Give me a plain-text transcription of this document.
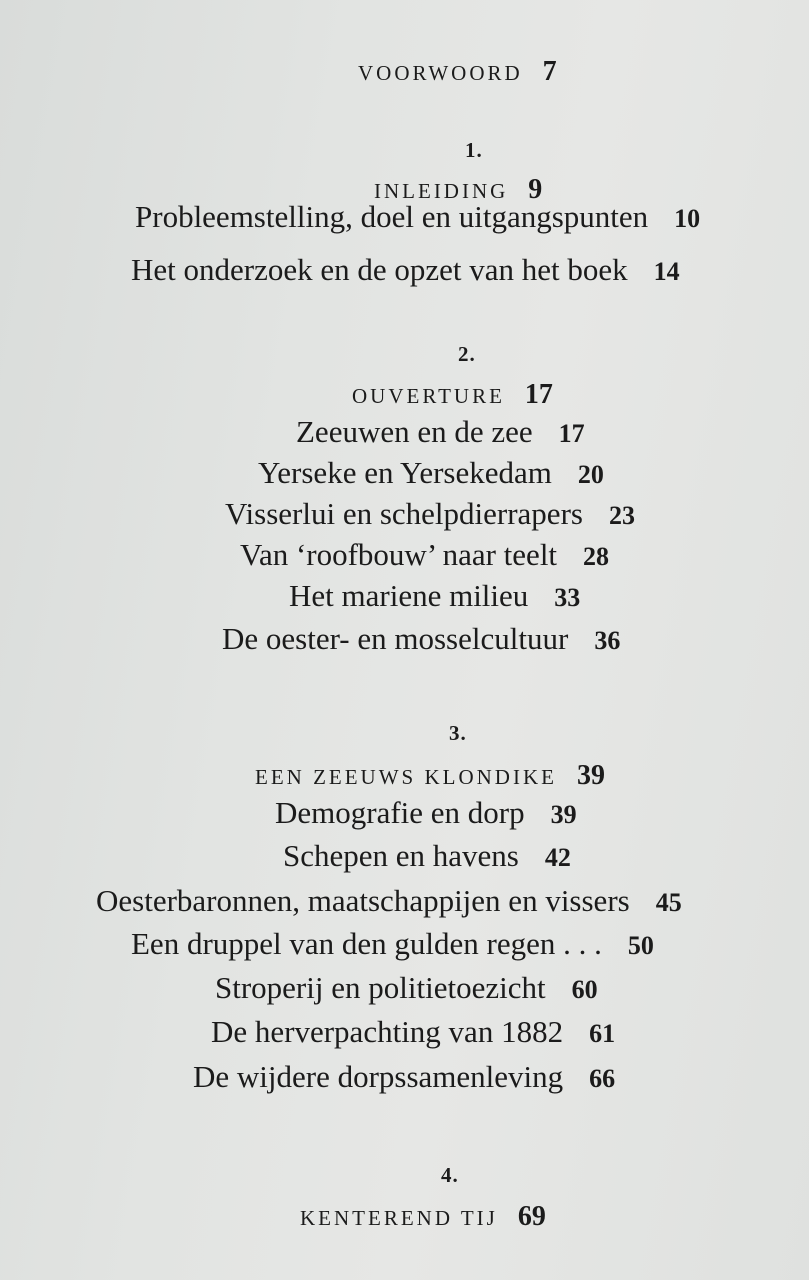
VOORWOORD 7
1.
INLEIDING 9
Probleemstelling, doel en uitgangspunten 10
Het onderzoek en de opzet van het boek 14
2.
OUVERTURE 17
Zeeuwen en de zee 17
Yerseke en Yersekedam 20
Visserlui en schelpdierrapers 23
Van ‘roofbouw’ naar teelt 28
Het mariene milieu 33
De oester- en mosselcultuur 36
3.
EEN ZEEUWS KLONDIKE 39
Demografie en dorp 39
Schepen en havens 42
Oesterbaronnen, maatschappijen en vissers 45
Een druppel van den gulden regen . . . 50
Stroperij en politietoezicht 60
De herverpachting van 1882 61
De wijdere dorpssamenleving 66
4.
KENTEREND TIJ 69
